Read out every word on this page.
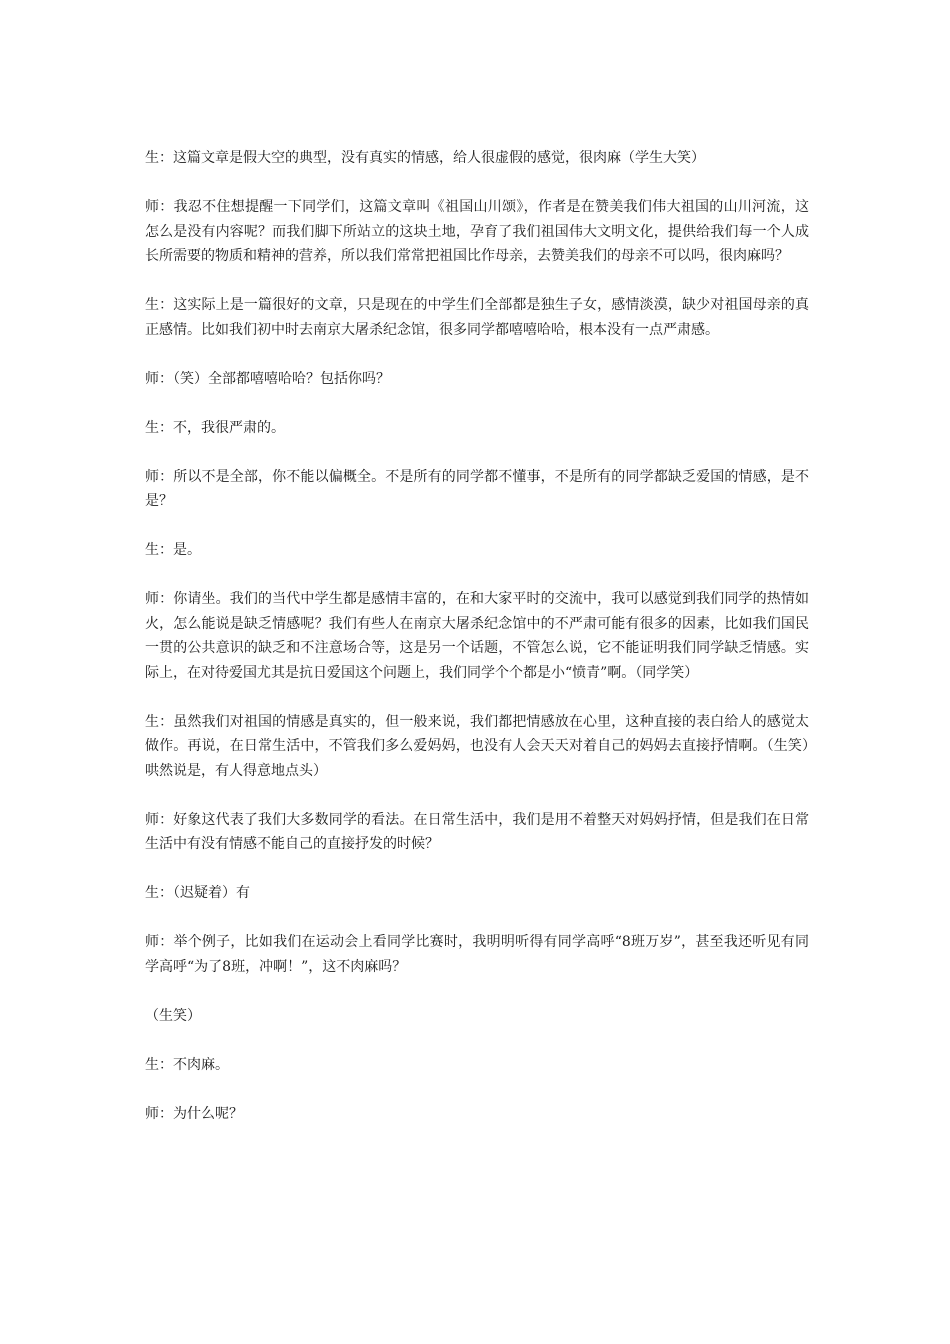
生：这篇文章是假大空的典型，没有真实的情感，给人很虚假的感觉，很肉麻（学生大笑）

师：我忍不住想提醒一下同学们，这篇文章叫《祖国山川颂》，作者是在赞美我们伟大祖国的山川河流，这怎么是没有内容呢？而我们脚下所站立的这块土地，孕育了我们祖国伟大文明文化，提供给我们每一个人成长所需要的物质和精神的营养，所以我们常常把祖国比作母亲，去赞美我们的母亲不可以吗，很肉麻吗？

生：这实际上是一篇很好的文章，只是现在的中学生们全部都是独生子女，感情淡漠，缺少对祖国母亲的真正感情。比如我们初中时去南京大屠杀纪念馆，很多同学都嘻嘻哈哈，根本没有一点严肃感。

师：（笑）全部都嘻嘻哈哈？包括你吗？

生：不，我很严肃的。

师：所以不是全部，你不能以偏概全。不是所有的同学都不懂事，不是所有的同学都缺乏爱国的情感，是不是？

生：是。

师：你请坐。我们的当代中学生都是感情丰富的，在和大家平时的交流中，我可以感觉到我们同学的热情如火，怎么能说是缺乏情感呢？我们有些人在南京大屠杀纪念馆中的不严肃可能有很多的因素，比如我们国民一贯的公共意识的缺乏和不注意场合等，这是另一个话题，不管怎么说，它不能证明我们同学缺乏情感。实际上，在对待爱国尤其是抗日爱国这个问题上，我们同学个个都是小“愤青”啊。（同学笑）

生：虽然我们对祖国的情感是真实的，但一般来说，我们都把情感放在心里，这种直接的表白给人的感觉太做作。再说，在日常生活中，不管我们多么爱妈妈，也没有人会天天对着自己的妈妈去直接抒情啊。（生笑）哄然说是，有人得意地点头）

师：好象这代表了我们大多数同学的看法。在日常生活中，我们是用不着整天对妈妈抒情，但是我们在日常生活中有没有情感不能自己的直接抒发的时候？

生：（迟疑着）有

师：举个例子，比如我们在运动会上看同学比赛时，我明明听得有同学高呼“8班万岁”，甚至我还听见有同学高呼“为了8班，冲啊！”，这不肉麻吗？

（生笑）

生：不肉麻。

师：为什么呢？
